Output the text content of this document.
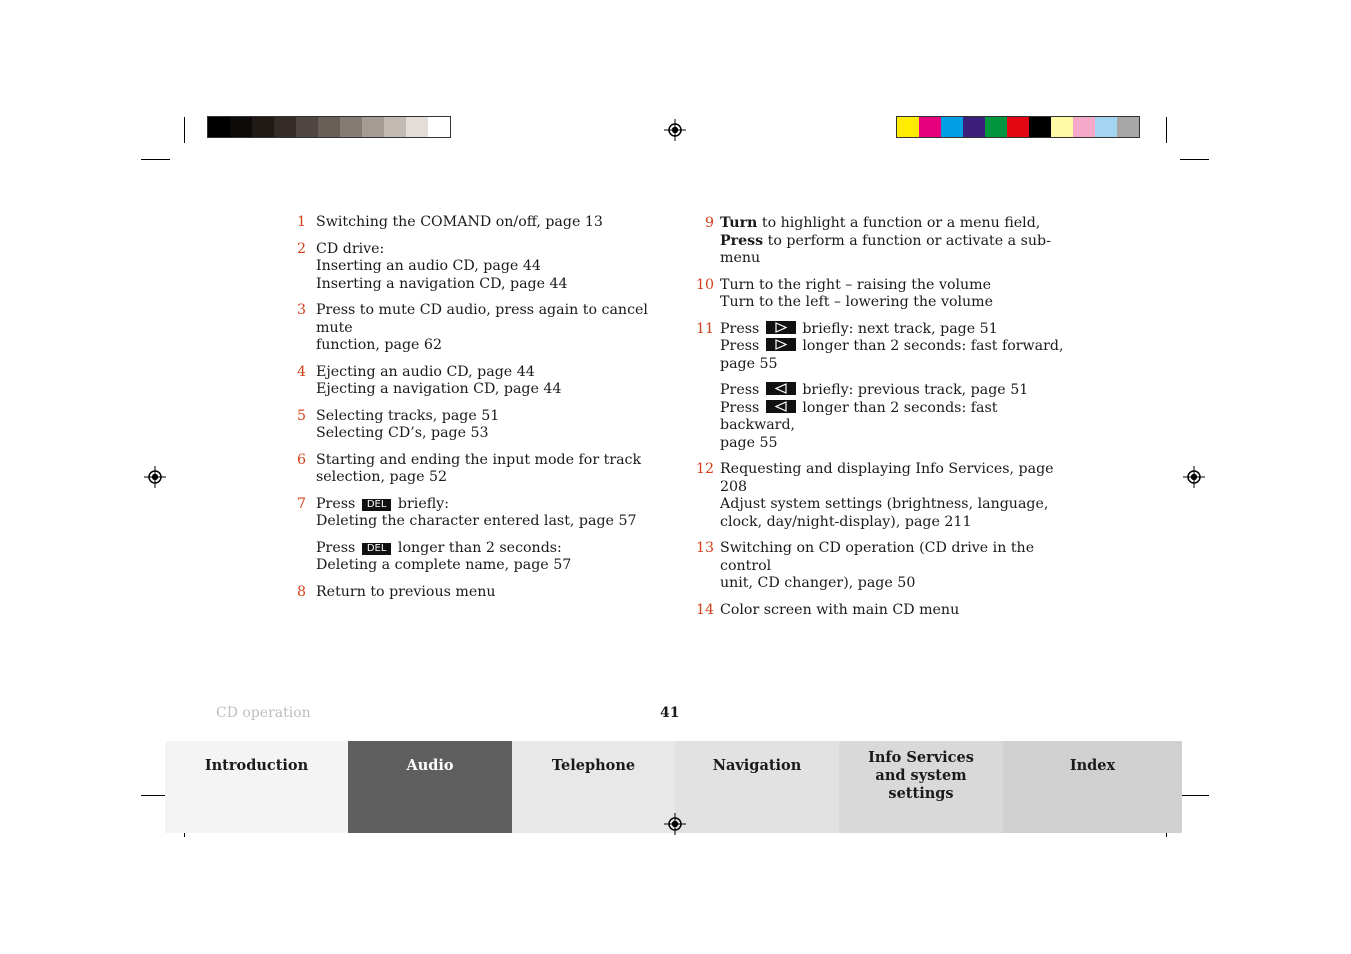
1 Switching the COMAND on/off, page 13
2 CD drive:
Inserting an audio CD, page 44
Inserting a navigation CD, page 44
3 Press to mute CD audio, press again to cancel mute
function, page 62
4 Ejecting an audio CD, page 44
Ejecting a navigation CD, page 44
5 Selecting tracks, page 51
Selecting CD’s, page 53
6 Starting and ending the input mode for track
selection, page 52
7 Press DEL briefly:
Deleting the character entered last, page 57
Press DEL longer than 2 seconds:
Deleting a complete name, page 57
8 Return to previous menu
9 Turn to highlight a function or a menu field,
Press to perform a function or activate a sub-menu
10 Turn to the right – raising the volume
Turn to the left – lowering the volume
11 Press	briefly: next track, page 51
Press	longer than 2 seconds: fast forward,
page 55
Press	briefly: previous track, page 51
Press	longer than 2 seconds: fast backward,
page 55
12 Requesting and displaying Info Services, page 208
Adjust system settings (brightness, language,
clock, day/night-display), page 211
13 Switching on CD operation (CD drive in the control
unit, CD changer), page 50
14 Color screen with main CD menu
CD operation	41
Introduction	Audio	Telephone	Navigation	Info Services and system settings
Index
